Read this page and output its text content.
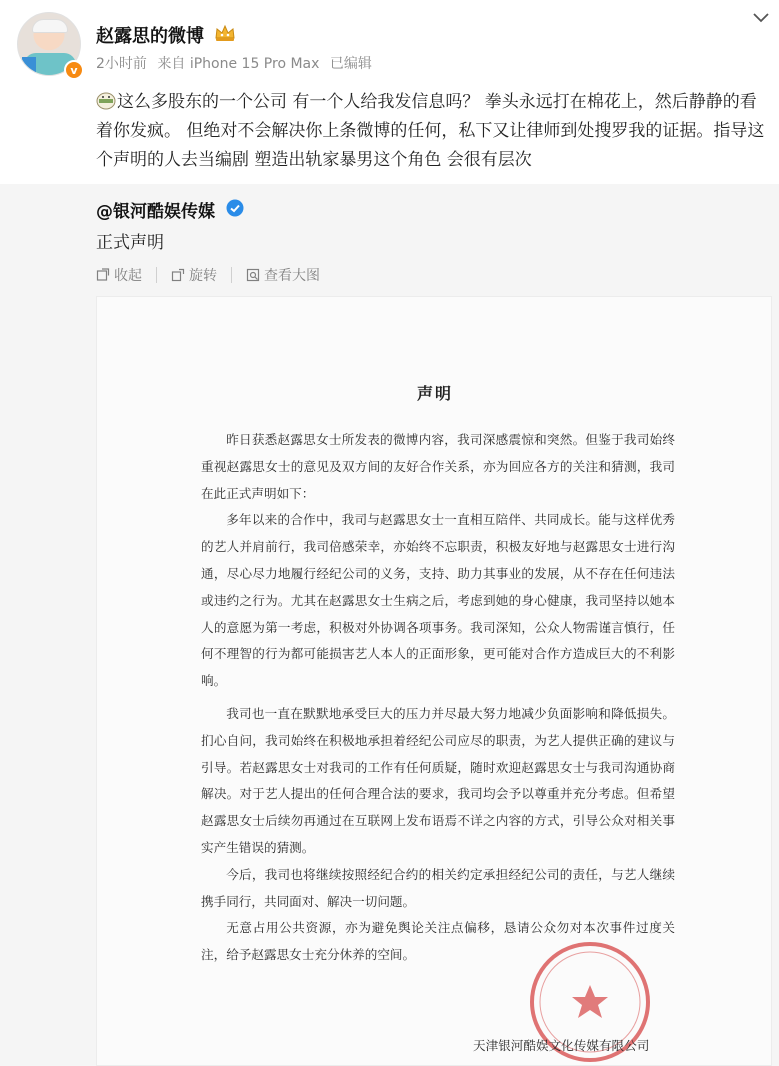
v
赵露思的微博
2小时前 来自 iPhone 15 Pro Max 已编辑
这么多股东的一个公司 有一个人给我发信息吗？ 拳头永远打在棉花上，然后静静的看着你发疯。 但绝对不会解决你上条微博的任何，私下又让律师到处搜罗我的证据。指导这个声明的人去当编剧 塑造出轨家暴男这个角色 会很有层次
@银河酷娱传媒
正式声明
收起	旋转	查看大图
声明

昨日获悉赵露思女士所发表的微博内容，我司深感震惊和突然。但鉴于我司始终重视赵露思女士的意见及双方间的友好合作关系，亦为回应各方的关注和猜测，我司在此正式声明如下：

多年以来的合作中，我司与赵露思女士一直相互陪伴、共同成长。能与这样优秀的艺人并肩前行，我司倍感荣幸，亦始终不忘职责，积极友好地与赵露思女士进行沟通，尽心尽力地履行经纪公司的义务，支持、助力其事业的发展，从不存在任何违法或违约之行为。尤其在赵露思女士生病之后，考虑到她的身心健康，我司坚持以她本人的意愿为第一考虑，积极对外协调各项事务。我司深知，公众人物需谨言慎行，任何不理智的行为都可能损害艺人本人的正面形象，更可能对合作方造成巨大的不利影响。

我司也一直在默默地承受巨大的压力并尽最大努力地减少负面影响和降低损失。扪心自问，我司始终在积极地承担着经纪公司应尽的职责，为艺人提供正确的建议与引导。若赵露思女士对我司的工作有任何质疑，随时欢迎赵露思女士与我司沟通协商解决。对于艺人提出的任何合理合法的要求，我司均会予以尊重并充分考虑。但希望赵露思女士后续勿再通过在互联网上发布语焉不详之内容的方式，引导公众对相关事实产生错误的猜测。

今后，我司也将继续按照经纪合约的相关约定承担经纪公司的责任，与艺人继续携手同行，共同面对、解决一切问题。

无意占用公共资源，亦为避免舆论关注点偏移，恳请公众勿对本次事件过度关注，给予赵露思女士充分休养的空间。

天津银河酷娱文化传媒有限公司
